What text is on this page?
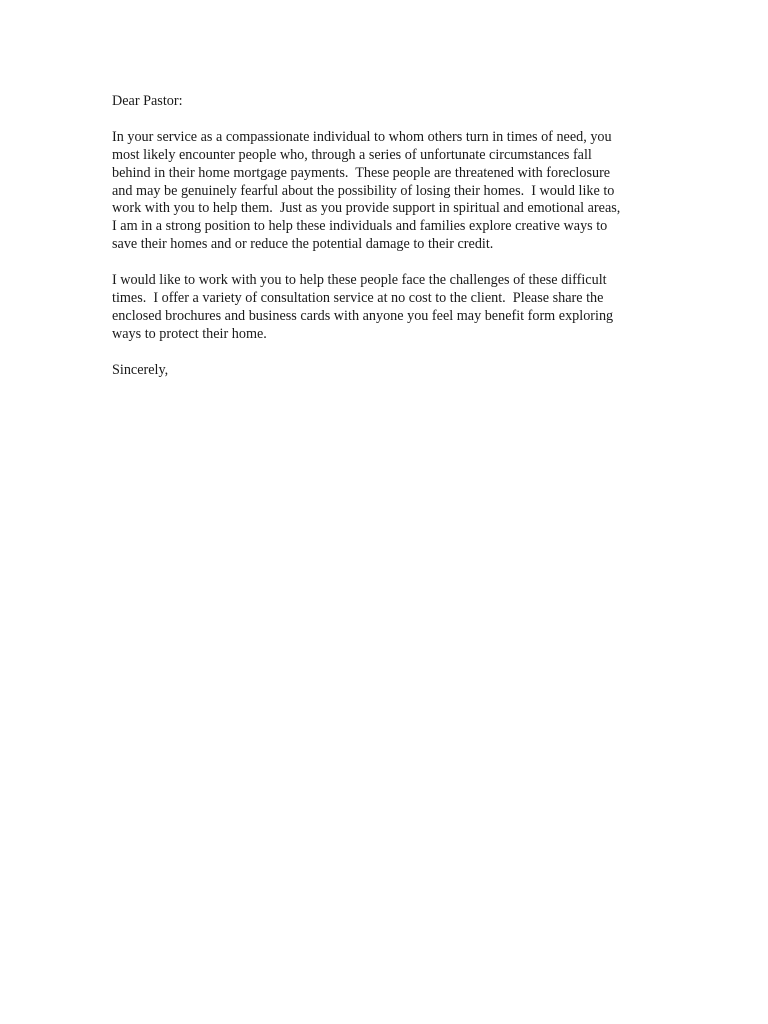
Dear Pastor:
In your service as a compassionate individual to whom others turn in times of need, you
most likely encounter people who, through a series of unfortunate circumstances fall
behind in their home mortgage payments.  These people are threatened with foreclosure
and may be genuinely fearful about the possibility of losing their homes.  I would like to
work with you to help them.  Just as you provide support in spiritual and emotional areas,
I am in a strong position to help these individuals and families explore creative ways to
save their homes and or reduce the potential damage to their credit.
I would like to work with you to help these people face the challenges of these difficult
times.  I offer a variety of consultation service at no cost to the client.  Please share the
enclosed brochures and business cards with anyone you feel may benefit form exploring
ways to protect their home.
Sincerely,
